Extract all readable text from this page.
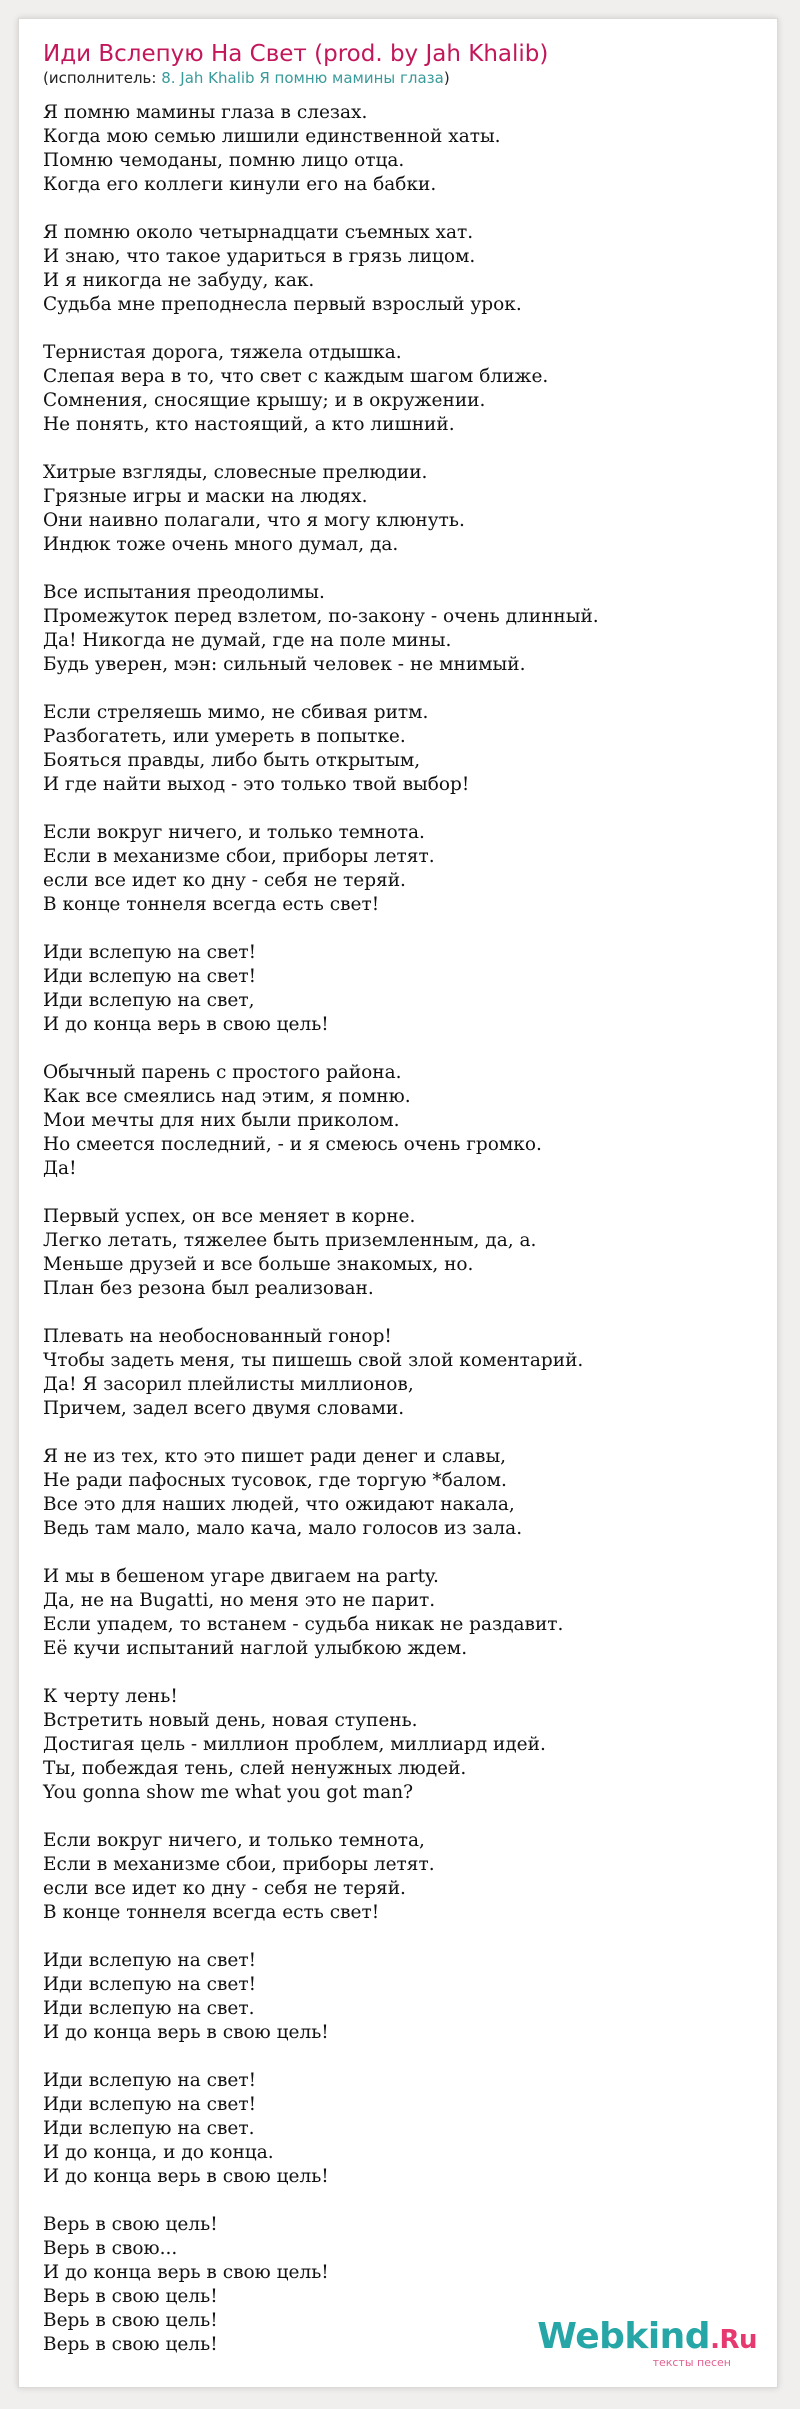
Иди Вслепую На Свет (prod. by Jah Khalib)
(исполнитель: 8. Jah Khalib Я помню мамины глаза)
Я помню мамины глаза в слезах.
Когда мою семью лишили единственной хаты.
Помню чемоданы, помню лицо отца.
Когда его коллеги кинули его на бабки.

Я помню около четырнадцати съемных хат.
И знаю, что такое удариться в грязь лицом.
И я никогда не забуду, как.
Судьба мне преподнесла первый взрослый урок.

Тернистая дорога, тяжела отдышка.
Слепая вера в то, что свет с каждым шагом ближе.
Сомнения, сносящие крышу; и в окружении.
Не понять, кто настоящий, а кто лишний.

Хитрые взгляды, словесные прелюдии.
Грязные игры и маски на людях.
Они наивно полагали, что я могу клюнуть.
Индюк тоже очень много думал, да.

Все испытания преодолимы.
Промежуток перед взлетом, по-закону - очень длинный.
Да! Никогда не думай, где на поле мины.
Будь уверен, мэн: сильный человек - не мнимый.

Если стреляешь мимо, не сбивая ритм.
Разбогатеть, или умереть в попытке.
Бояться правды, либо быть открытым,
И где найти выход - это только твой выбор!

Если вокруг ничего, и только темнота.
Если в механизме сбои, приборы летят.
если все идет ко дну - себя не теряй.
В конце тоннеля всегда есть свет!

Иди вслепую на свет!
Иди вслепую на свет!
Иди вслепую на свет,
И до конца верь в свою цель!

Обычный парень с простого района.
Как все смеялись над этим, я помню.
Мои мечты для них были приколом.
Но смеется последний, - и я смеюсь очень громко.
Да!

Первый успех, он все меняет в корне.
Легко летать, тяжелее быть приземленным, да, а.
Меньше друзей и все больше знакомых, но.
План без резона был реализован.

Плевать на необоснованный гонор!
Чтобы задеть меня, ты пишешь свой злой коментарий.
Да! Я засорил плейлисты миллионов,
Причем, задел всего двумя словами.

Я не из тех, кто это пишет ради денег и славы,
Не ради пафосных тусовок, где торгую *балом.
Все это для наших людей, что ожидают накала,
Ведь там мало, мало кача, мало голосов из зала.

И мы в бешеном угаре двигаем на party.
Да, не на Bugatti, но меня это не парит.
Если упадем, то встанем - судьба никак не раздавит.
Её кучи испытаний наглой улыбкою ждем.

К черту лень!
Встретить новый день, новая ступень.
Достигая цель - миллион проблем, миллиард идей.
Ты, побеждая тень, слей ненужных людей.
You gonna show me what you got man?

Если вокруг ничего, и только темнота,
Если в механизме сбои, приборы летят.
если все идет ко дну - себя не теряй.
В конце тоннеля всегда есть свет!

Иди вслепую на свет!
Иди вслепую на свет!
Иди вслепую на свет.
И до конца верь в свою цель!

Иди вслепую на свет!
Иди вслепую на свет!
Иди вслепую на свет.
И до конца, и до конца.
И до конца верь в свою цель!

Верь в свою цель!
Верь в свою...
И до конца верь в свою цель!
Верь в свою цель!
Верь в свою цель!
Верь в свою цель!	Webkind.Ru
тексты песен
